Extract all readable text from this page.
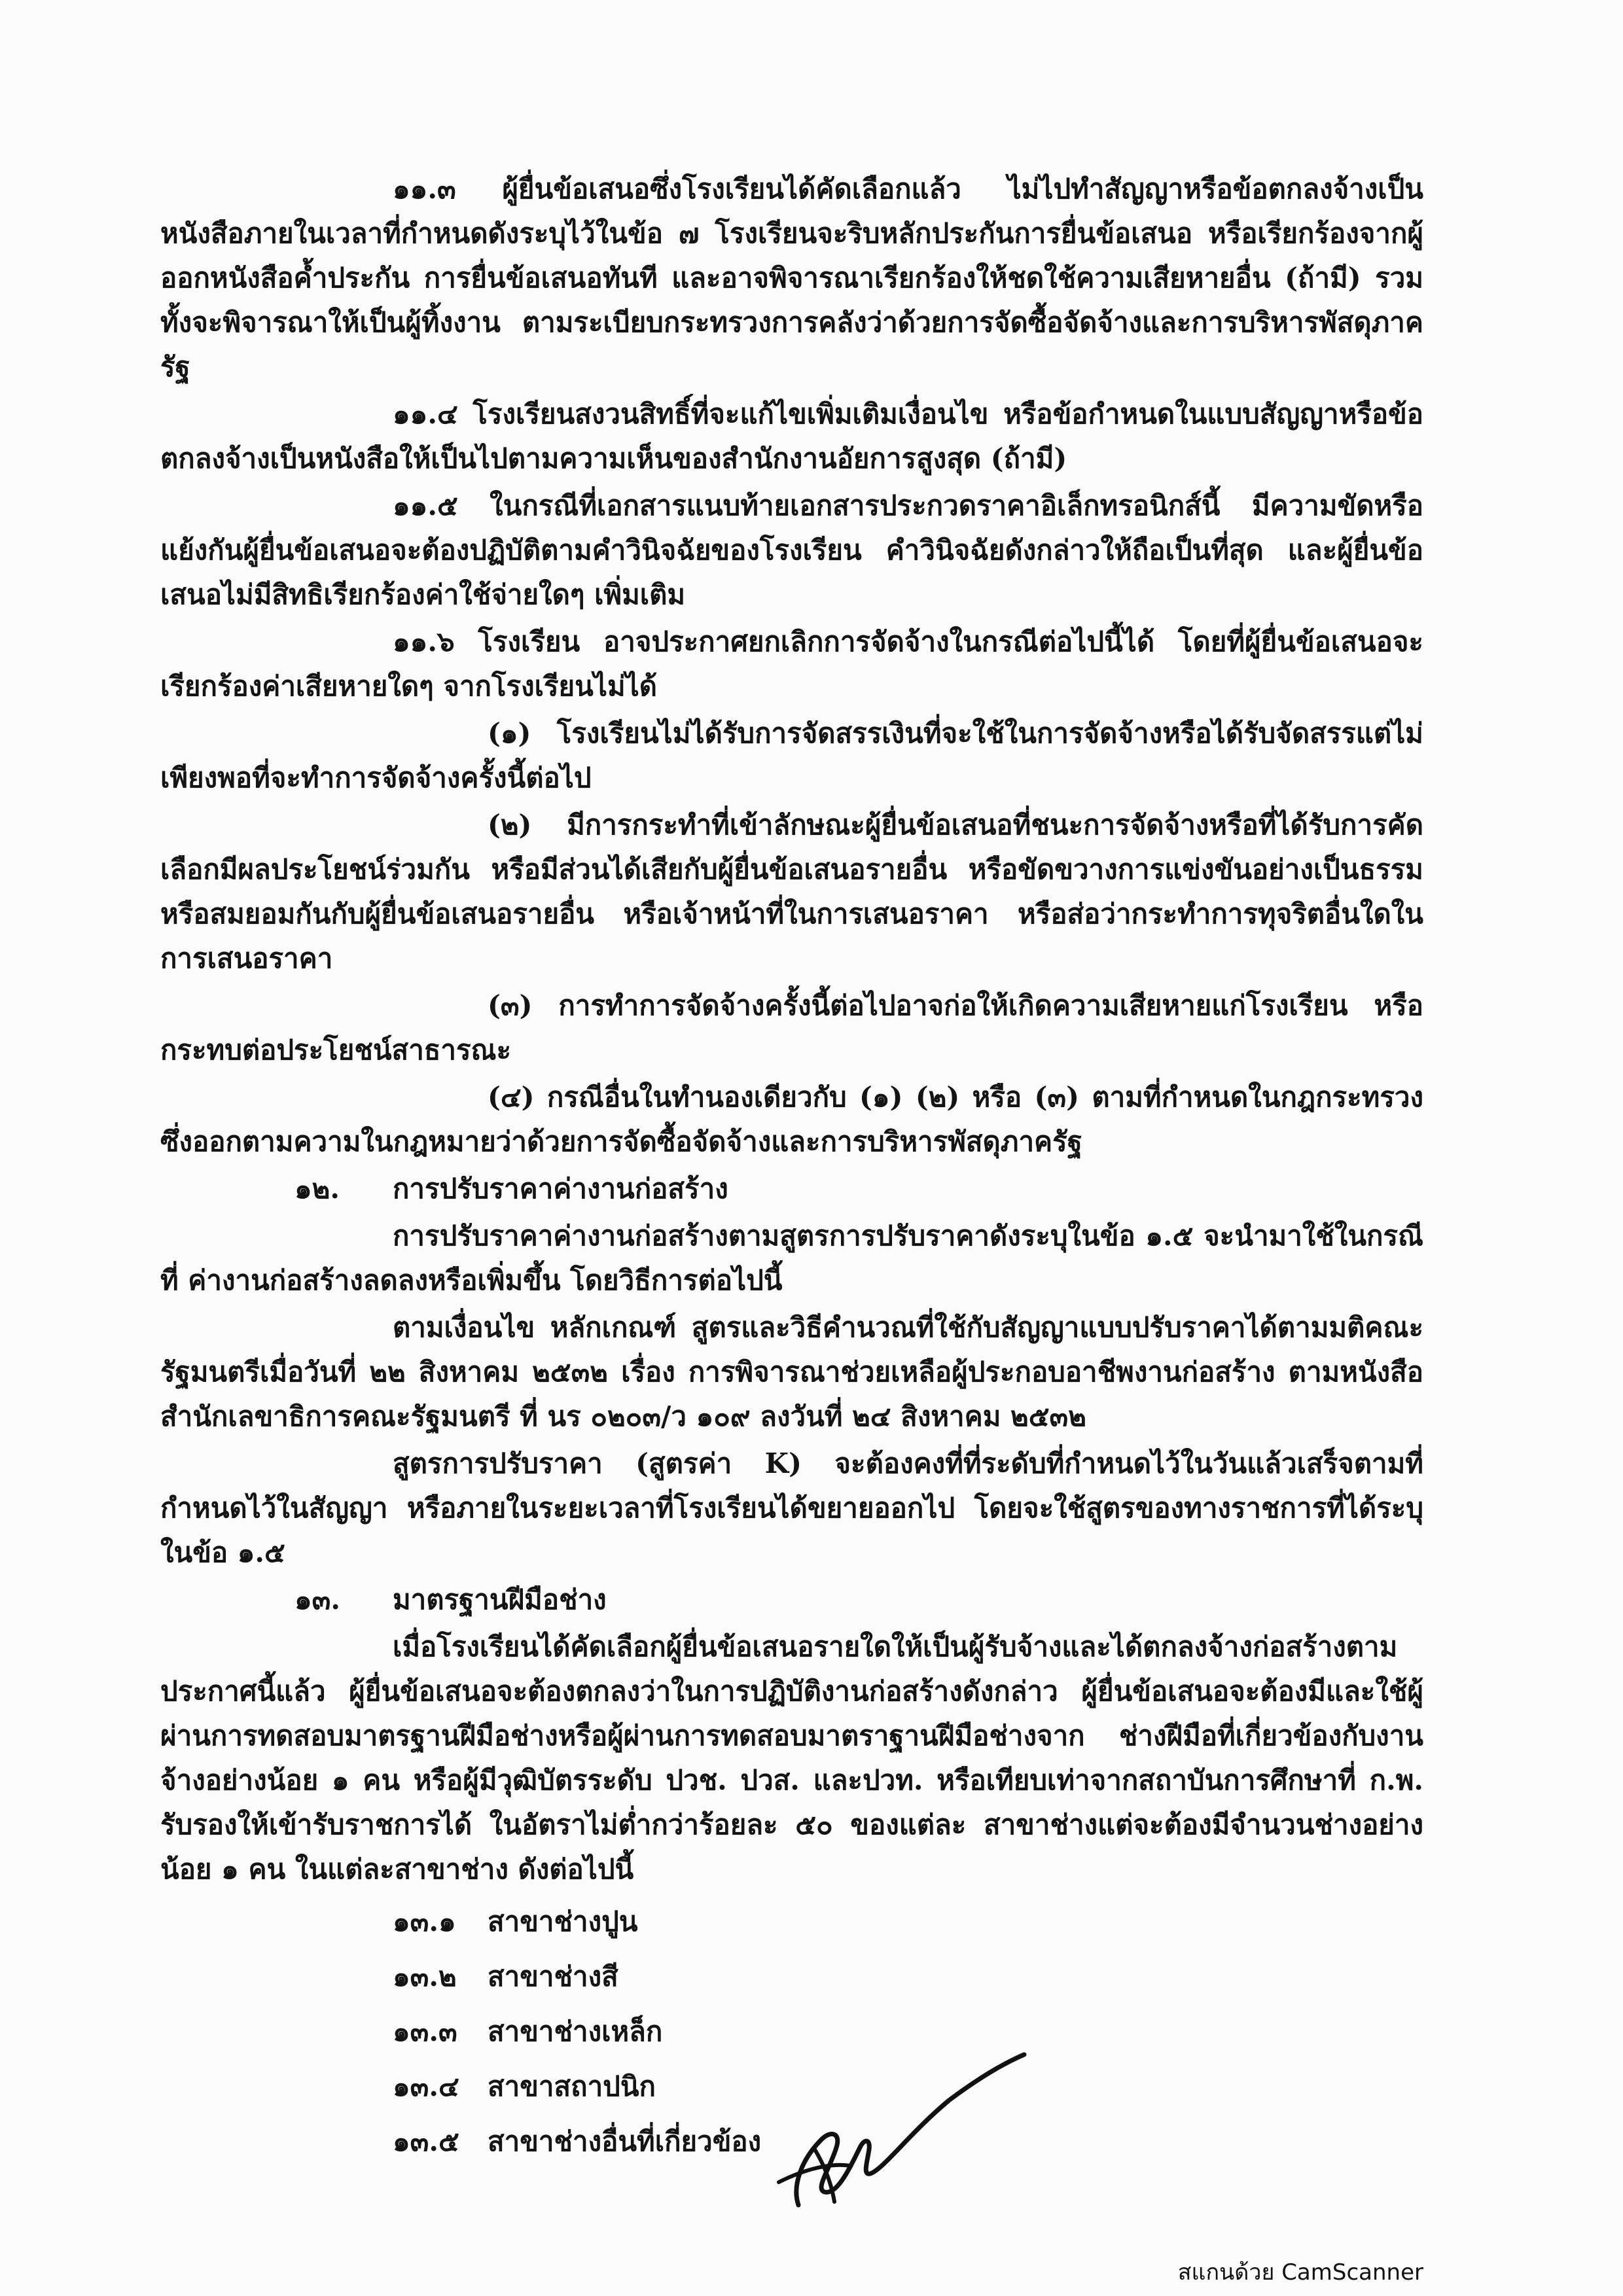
๑๑.๓ ผู้ยื่นข้อเสนอซึ่งโรงเรียนได้คัดเลือกแล้ว ไม่ไปทำสัญญาหรือข้อตกลงจ้างเป็นหนังสือภายในเวลาที่กำหนดดังระบุไว้ในข้อ ๗ โรงเรียนจะริบหลักประกันการยื่นข้อเสนอ หรือเรียกร้องจากผู้ออกหนังสือค้ำประกัน การยื่นข้อเสนอทันที และอาจพิจารณาเรียกร้องให้ชดใช้ความเสียหายอื่น (ถ้ามี) รวมทั้งจะพิจารณาให้เป็นผู้ทิ้งงาน ตามระเบียบกระทรวงการคลังว่าด้วยการจัดซื้อจัดจ้างและการบริหารพัสดุภาครัฐ

๑๑.๔ โรงเรียนสงวนสิทธิ์ที่จะแก้ไขเพิ่มเติมเงื่อนไข หรือข้อกำหนดในแบบสัญญาหรือข้อตกลงจ้างเป็นหนังสือให้เป็นไปตามความเห็นของสำนักงานอัยการสูงสุด (ถ้ามี)

๑๑.๕ ในกรณีที่เอกสารแนบท้ายเอกสารประกวดราคาอิเล็กทรอนิกส์นี้ มีความขัดหรือแย้งกันผู้ยื่นข้อเสนอจะต้องปฏิบัติตามคำวินิจฉัยของโรงเรียน คำวินิจฉัยดังกล่าวให้ถือเป็นที่สุด และผู้ยื่นข้อเสนอไม่มีสิทธิเรียกร้องค่าใช้จ่ายใดๆ เพิ่มเติม

๑๑.๖ โรงเรียน อาจประกาศยกเลิกการจัดจ้างในกรณีต่อไปนี้ได้ โดยที่ผู้ยื่นข้อเสนอจะเรียกร้องค่าเสียหายใดๆ จากโรงเรียนไม่ได้

(๑) โรงเรียนไม่ได้รับการจัดสรรเงินที่จะใช้ในการจัดจ้างหรือได้รับจัดสรรแต่ไม่เพียงพอที่จะทำการจัดจ้างครั้งนี้ต่อไป

(๒) มีการกระทำที่เข้าลักษณะผู้ยื่นข้อเสนอที่ชนะการจัดจ้างหรือที่ได้รับการคัดเลือกมีผลประโยชน์ร่วมกัน หรือมีส่วนได้เสียกับผู้ยื่นข้อเสนอรายอื่น หรือขัดขวางการแข่งขันอย่างเป็นธรรมหรือสมยอมกันกับผู้ยื่นข้อเสนอรายอื่น หรือเจ้าหน้าที่ในการเสนอราคา หรือส่อว่ากระทำการทุจริตอื่นใดในการเสนอราคา

(๓) การทำการจัดจ้างครั้งนี้ต่อไปอาจก่อให้เกิดความเสียหายแก่โรงเรียน หรือกระทบต่อประโยชน์สาธารณะ

(๔) กรณีอื่นในทำนองเดียวกับ (๑) (๒) หรือ (๓) ตามที่กำหนดในกฎกระทรวงซึ่งออกตามความในกฎหมายว่าด้วยการจัดซื้อจัดจ้างและการบริหารพัสดุภาครัฐ

๑๒. การปรับราคาค่างานก่อสร้าง

การปรับราคาค่างานก่อสร้างตามสูตรการปรับราคาดังระบุในข้อ ๑.๕ จะนำมาใช้ในกรณีที่ ค่างานก่อสร้างลดลงหรือเพิ่มขึ้น โดยวิธีการต่อไปนี้

ตามเงื่อนไข หลักเกณฑ์ สูตรและวิธีคำนวณที่ใช้กับสัญญาแบบปรับราคาได้ตามมติคณะรัฐมนตรีเมื่อวันที่ ๒๒ สิงหาคม ๒๕๓๒ เรื่อง การพิจารณาช่วยเหลือผู้ประกอบอาชีพงานก่อสร้าง ตามหนังสือสำนักเลขาธิการคณะรัฐมนตรี ที่ นร ๐๒๐๓/ว ๑๐๙ ลงวันที่ ๒๔ สิงหาคม ๒๕๓๒

สูตรการปรับราคา (สูตรค่า K) จะต้องคงที่ที่ระดับที่กำหนดไว้ในวันแล้วเสร็จตามที่กำหนดไว้ในสัญญา หรือภายในระยะเวลาที่โรงเรียนได้ขยายออกไป โดยจะใช้สูตรของทางราชการที่ได้ระบุในข้อ ๑.๕

๑๓. มาตรฐานฝีมือช่าง

เมื่อโรงเรียนได้คัดเลือกผู้ยื่นข้อเสนอรายใดให้เป็นผู้รับจ้างและได้ตกลงจ้างก่อสร้างตามประกาศนี้แล้ว ผู้ยื่นข้อเสนอจะต้องตกลงว่าในการปฏิบัติงานก่อสร้างดังกล่าว ผู้ยื่นข้อเสนอจะต้องมีและใช้ผู้ผ่านการทดสอบมาตรฐานฝีมือช่างหรือผู้ผ่านการทดสอบมาตราฐานฝีมือช่างจาก ช่างฝีมือที่เกี่ยวข้องกับงานจ้างอย่างน้อย ๑ คน หรือผู้มีวุฒิบัตรระดับ ปวช. ปวส. และปวท. หรือเทียบเท่าจากสถาบันการศึกษาที่ ก.พ. รับรองให้เข้ารับราชการได้ ในอัตราไม่ต่ำกว่าร้อยละ ๕๐ ของแต่ละ สาขาช่างแต่จะต้องมีจำนวนช่างอย่างน้อย ๑ คน ในแต่ละสาขาช่าง ดังต่อไปนี้

๑๓.๑ สาขาช่างปูน
๑๓.๒ สาขาช่างสี
๑๓.๓ สาขาช่างเหล็ก
๑๓.๔ สาขาสถาปนิก
๑๓.๕ สาขาช่างอื่นที่เกี่ยวข้อง
สแกนด้วย CamScanner
